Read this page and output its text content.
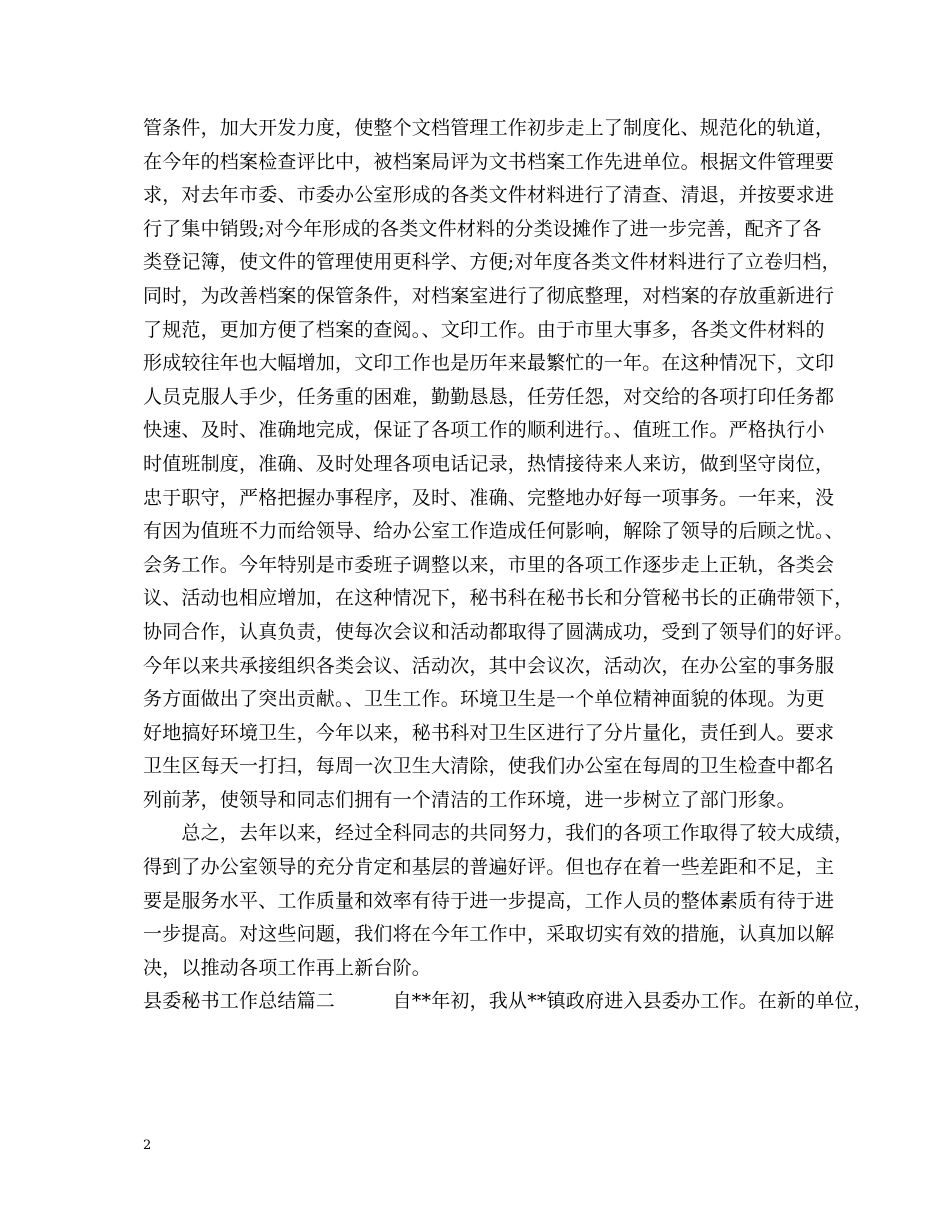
管条件，加大开发力度，使整个文档管理工作初步走上了制度化、规范化的轨道，
在今年的档案检查评比中，被档案局评为文书档案工作先进单位。根据文件管理要
求，对去年市委、市委办公室形成的各类文件材料进行了清查、清退，并按要求进
行了集中销毁;对今年形成的各类文件材料的分类设摊作了进一步完善，配齐了各
类登记簿，使文件的管理使用更科学、方便;对年度各类文件材料进行了立卷归档，
同时，为改善档案的保管条件，对档案室进行了彻底整理，对档案的存放重新进行
了规范，更加方便了档案的查阅。、文印工作。由于市里大事多，各类文件材料的
形成较往年也大幅增加，文印工作也是历年来最繁忙的一年。在这种情况下，文印
人员克服人手少，任务重的困难，勤勤恳恳，任劳任怨，对交给的各项打印任务都
快速、及时、准确地完成，保证了各项工作的顺利进行。、值班工作。严格执行小
时值班制度，准确、及时处理各项电话记录，热情接待来人来访，做到坚守岗位，
忠于职守，严格把握办事程序，及时、准确、完整地办好每一项事务。一年来，没
有因为值班不力而给领导、给办公室工作造成任何影响，解除了领导的后顾之忧。、
会务工作。今年特别是市委班子调整以来，市里的各项工作逐步走上正轨，各类会
议、活动也相应增加，在这种情况下，秘书科在秘书长和分管秘书长的正确带领下，
协同合作，认真负责，使每次会议和活动都取得了圆满成功，受到了领导们的好评。
今年以来共承接组织各类会议、活动次，其中会议次，活动次，在办公室的事务服
务方面做出了突出贡献。、卫生工作。环境卫生是一个单位精神面貌的体现。为更
好地搞好环境卫生，今年以来，秘书科对卫生区进行了分片量化，责任到人。要求
卫生区每天一打扫，每周一次卫生大清除，使我们办公室在每周的卫生检查中都名
列前茅，使领导和同志们拥有一个清洁的工作环境，进一步树立了部门形象。
　　总之，去年以来，经过全科同志的共同努力，我们的各项工作取得了较大成绩，
得到了办公室领导的充分肯定和基层的普遍好评。但也存在着一些差距和不足，主
要是服务水平、工作质量和效率有待于进一步提高，工作人员的整体素质有待于进
一步提高。对这些问题，我们将在今年工作中，采取切实有效的措施，认真加以解
决，以推动各项工作再上新台阶。
县委秘书工作总结篇二　　　自**年初，我从**镇政府进入县委办工作。在新的单位，
2
